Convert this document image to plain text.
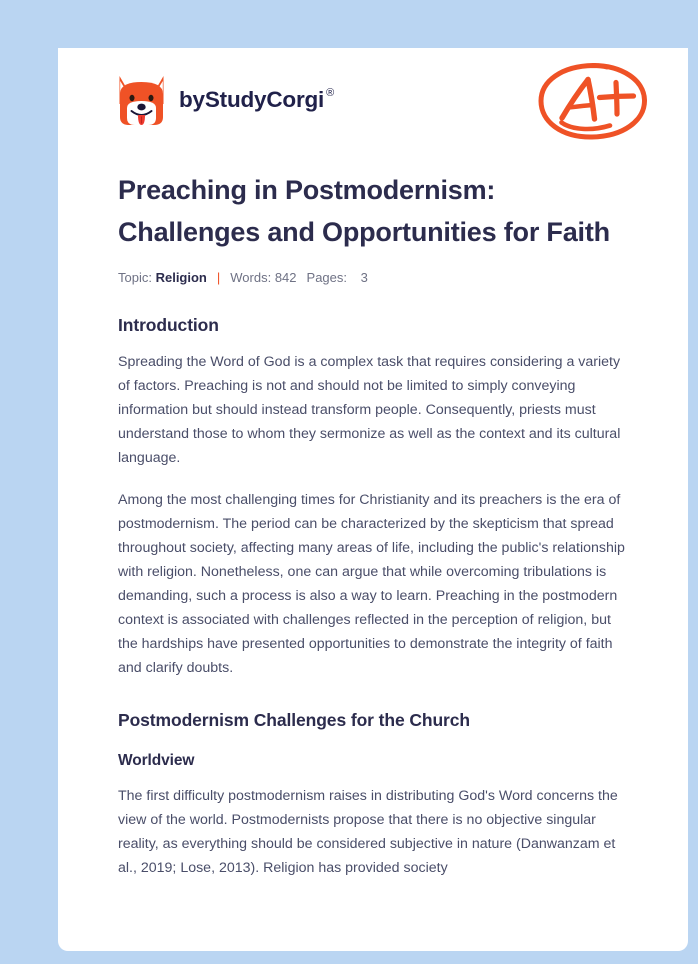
by StudyCorgi ®
Preaching in Postmodernism: Challenges and Opportunities for Faith
Topic:
Religion | Words:
842 Pages:
3
Introduction

Spreading the Word of God is a complex task that requires considering a variety of factors. Preaching is not and should not be limited to simply conveying information but should instead transform people. Consequently, priests must understand those to whom they sermonize as well as the context and its cultural language.

Among the most challenging times for Christianity and its preachers is the era of postmodernism. The period can be characterized by the skepticism that spread throughout society, affecting many areas of life, including the public's relationship with religion. Nonetheless, one can argue that while overcoming tribulations is demanding, such a process is also a way to learn. Preaching in the postmodern context is associated with challenges reflected in the perception of religion, but the hardships have presented opportunities to demonstrate the integrity of faith and clarify doubts.

Postmodernism Challenges for the Church
Worldview

The first difficulty postmodernism raises in distributing God's Word concerns the view of the world. Postmodernists propose that there is no objective singular reality, as everything should be considered subjective in nature (Danwanzam et al., 2019; Lose, 2013). Religion has provided society
